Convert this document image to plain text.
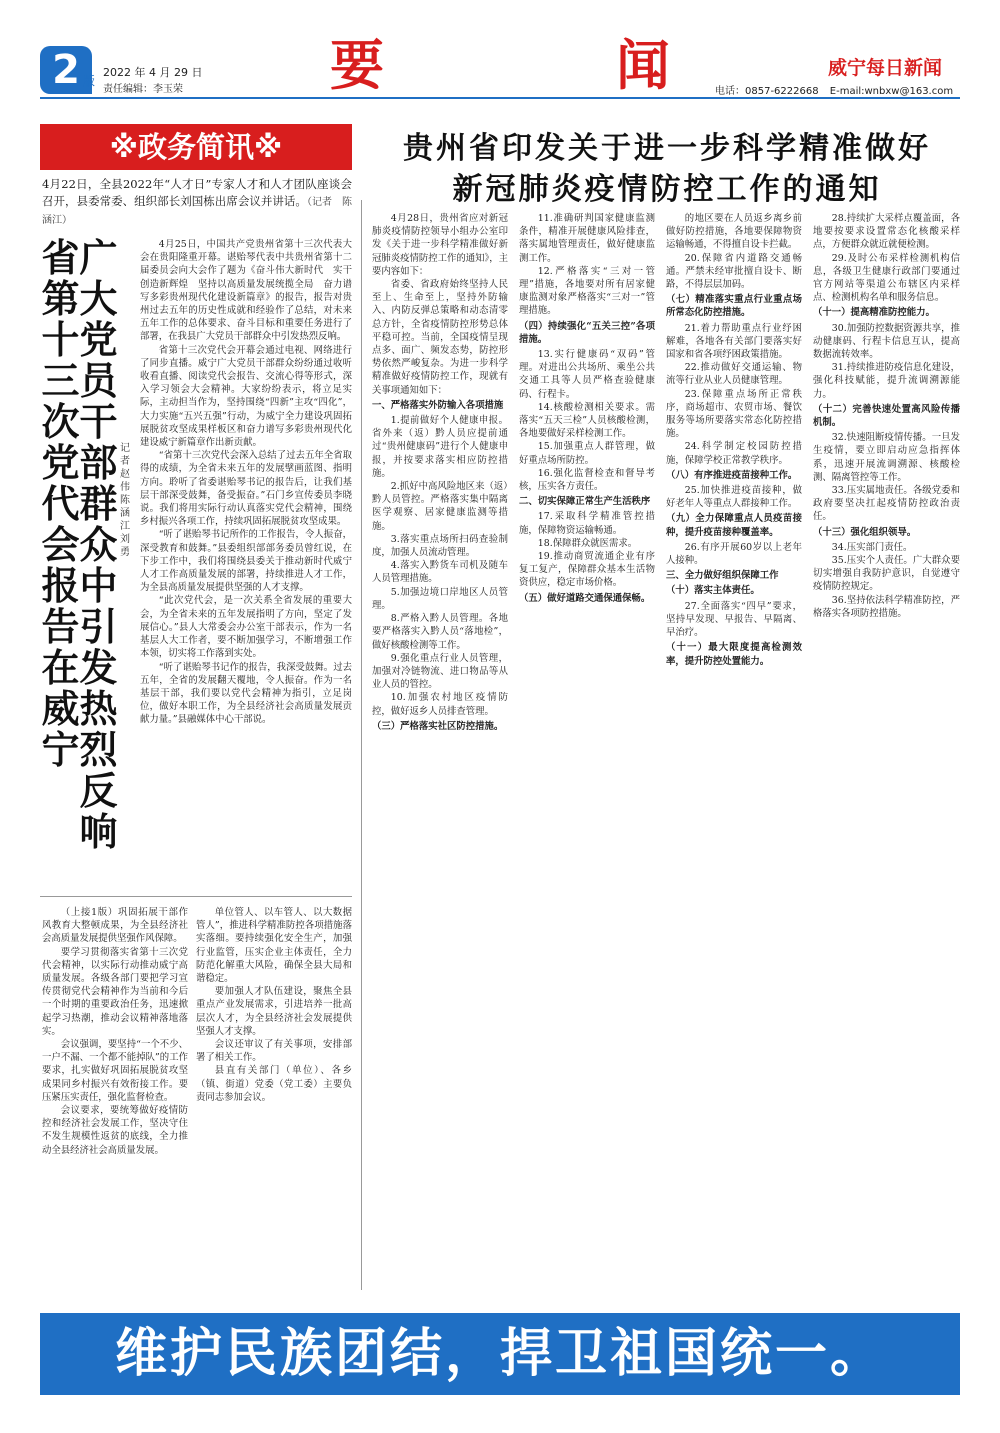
2 版
2022 年 4 月 29 日
责任编辑：李玉荣	要	闻	威宁每日新闻
电话：0857-6222668 E-mail:wnbxw@163.com
※政务简讯※
4月22日，全县2022年“人才日”专家人才和人才团队座谈会召开，县委常委、组织部长刘国栋出席会议并讲话。（记者　陈涵江）
贵州省印发关于进一步科学精准做好
新冠肺炎疫情防控工作的通知
广大党员干部群众中引发热烈反响
省第十三次党代会报告在威宁
记者　赵伟　陈涵江　刘勇

4月25日，中国共产党贵州省第十三次代表大会在贵阳隆重开幕。谌贻琴代表中共贵州省第十二届委员会向大会作了题为《奋斗伟大新时代　实干创造新辉煌　坚持以高质量发展统揽全局　奋力谱写多彩贵州现代化建设新篇章》的报告，报告对贵州过去五年的历史性成就和经验作了总结，对未来五年工作的总体要求、奋斗目标和重要任务进行了部署，在我县广大党员干部群众中引发热烈反响。

省第十三次党代会开幕会通过电视、网络进行了同步直播。威宁广大党员干部群众纷纷通过收听收看直播、阅读党代会报告、交流心得等形式，深入学习领会大会精神。大家纷纷表示，将立足实际，主动担当作为，坚持围绕“四新”主攻“四化”，大力实施“五兴五强”行动，为威宁全力建设巩固拓展脱贫攻坚成果样板区和奋力谱写多彩贵州现代化建设威宁新篇章作出新贡献。

“省第十三次党代会深入总结了过去五年全省取得的成绩，为全省未来五年的发展擘画蓝图、指明方向。聆听了省委谌贻琴书记的报告后，让我们基层干部深受鼓舞，备受振奋。”石门乡宣传委员李晓说。我们将用实际行动认真落实党代会精神，围绕乡村振兴各项工作，持续巩固拓展脱贫攻坚成果。

“听了谌贻琴书记所作的工作报告，令人振奋，深受教育和鼓舞。”县委组织部部务委员曾红说，在下步工作中，我们将围绕县委关于推动新时代威宁人才工作高质量发展的部署，持续推进人才工作，为全县高质量发展提供坚强的人才支撑。

“此次党代会，是一次关系全省发展的重要大会，为全省未来的五年发展指明了方向，坚定了发展信心。”县人大常委会办公室干部表示，作为一名基层人大工作者，要不断加强学习，不断增强工作本领，切实将工作落到实处。

“听了谌贻琴书记作的报告，我深受鼓舞。过去五年，全省的发展翻天覆地，令人振奋。作为一名基层干部，我们要以党代会精神为指引，立足岗位，做好本职工作，为全县经济社会高质量发展贡献力量。”县融媒体中心干部说。

4月28日，贵州省应对新冠肺炎疫情防控领导小组办公室印发《关于进一步科学精准做好新冠肺炎疫情防控工作的通知》，主要内容如下：

省委、省政府始终坚持人民至上、生命至上，坚持外防输入、内防反弹总策略和动态清零总方针，全省疫情防控形势总体平稳可控。当前，全国疫情呈现点多、面广、频发态势，防控形势依然严峻复杂。为进一步科学精准做好疫情防控工作，现就有关事项通知如下：

一、严格落实外防输入各项措施

1.提前做好个人健康申报。省外来（返）黔人员应提前通过“贵州健康码”进行个人健康申报，并按要求落实相应防控措施。

2.抓好中高风险地区来（返）黔人员管控。严格落实集中隔离医学观察、居家健康监测等措施。

3.落实重点场所扫码查验制度，加强人员流动管理。

4.落实入黔货车司机及随车人员管理措施。

5.加强边境口岸地区人员管理。

8.严格入黔人员管理。各地要严格落实入黔人员“落地检”，做好核酸检测等工作。

9.强化重点行业人员管理，加强对冷链物流、进口物品等从业人员的管控。

10.加强农村地区疫情防控，做好返乡人员排查管理。

（三）严格落实社区防控措施。

11.准确研判国家健康监测条件，精准开展健康风险排查，落实属地管理责任，做好健康监测工作。

12.严格落实“三对一管理”措施，各地要对所有居家健康监测对象严格落实“三对一”管理措施。

（四）持续强化“五关三控”各项措施。

13.实行健康码“双码”管理。对进出公共场所、乘坐公共交通工具等人员严格查验健康码、行程卡。

14.核酸检测相关要求。需落实“五天三检”人员核酸检测，各地要做好采样检测工作。

15.加强重点人群管理，做好重点场所防控。

16.强化监督检查和督导考核，压实各方责任。

二、切实保障正常生产生活秩序

17.采取科学精准管控措施，保障物资运输畅通。

18.保障群众就医需求。

19.推动商贸流通企业有序复工复产，保障群众基本生活物资供应，稳定市场价格。

（五）做好道路交通保通保畅。

的地区要在人员返乡离乡前做好防控措施，各地要保障物资运输畅通，不得擅自设卡拦截。

20.保障省内道路交通畅通。严禁未经审批擅自设卡、断路，不得层层加码。

（七）精准落实重点行业重点场所常态化防控措施。

21.着力帮助重点行业纾困解难，各地各有关部门要落实好国家和省各项纾困政策措施。

22.推动做好交通运输、物流等行业从业人员健康管理。

23.保障重点场所正常秩序，商场超市、农贸市场、餐饮服务等场所要落实常态化防控措施。

24.科学制定校园防控措施，保障学校正常教学秩序。

（八）有序推进疫苗接种工作。

25.加快推进疫苗接种，做好老年人等重点人群接种工作。

（九）全力保障重点人员疫苗接种，提升疫苗接种覆盖率。

26.有序开展60岁以上老年人接种。

三、全力做好组织保障工作

（十）落实主体责任。

27.全面落实“四早”要求，坚持早发现、早报告、早隔离、早治疗。

（十一）最大限度提高检测效率，提升防控处置能力。

28.持续扩大采样点覆盖面，各地要按要求设置常态化核酸采样点，方便群众就近就便检测。

29.及时公布采样检测机构信息，各级卫生健康行政部门要通过官方网站等渠道公布辖区内采样点、检测机构名单和服务信息。

（十一）提高精准防控能力。

30.加强防控数据资源共享，推动健康码、行程卡信息互认，提高数据流转效率。

31.持续推进防疫信息化建设，强化科技赋能，提升流调溯源能力。

（十二）完善快速处置高风险传播机制。

32.快速阻断疫情传播。一旦发生疫情，要立即启动应急指挥体系，迅速开展流调溯源、核酸检测、隔离管控等工作。

33.压实属地责任。各级党委和政府要坚决扛起疫情防控政治责任。

（十三）强化组织领导。

34.压实部门责任。

35.压实个人责任。广大群众要切实增强自我防护意识，自觉遵守疫情防控规定。

36.坚持依法科学精准防控，严格落实各项防控措施。

（上接1版）巩固拓展干部作风教育大整顿成果，为全县经济社会高质量发展提供坚强作风保障。

要学习贯彻落实省第十三次党代会精神，以实际行动推动威宁高质量发展。各级各部门要把学习宣传贯彻党代会精神作为当前和今后一个时期的重要政治任务，迅速掀起学习热潮，推动会议精神落地落实。

会议强调，要坚持“一个不少、一户不漏、一个都不能掉队”的工作要求，扎实做好巩固拓展脱贫攻坚成果同乡村振兴有效衔接工作。要压紧压实责任，强化监督检查。

会议要求，要统筹做好疫情防控和经济社会发展工作，坚决守住不发生规模性返贫的底线，全力推动全县经济社会高质量发展。

单位管人、以车管人、以大数据管人”，推进科学精准防控各项措施落实落细。要持续强化安全生产，加强行业监管，压实企业主体责任，全力防范化解重大风险，确保全县大局和谐稳定。

要加强人才队伍建设，聚焦全县重点产业发展需求，引进培养一批高层次人才，为全县经济社会发展提供坚强人才支撑。

会议还审议了有关事项，安排部署了相关工作。

县直有关部门（单位）、各乡（镇、街道）党委（党工委）主要负责同志参加会议。

维护民族团结，捍卫祖国统一。
